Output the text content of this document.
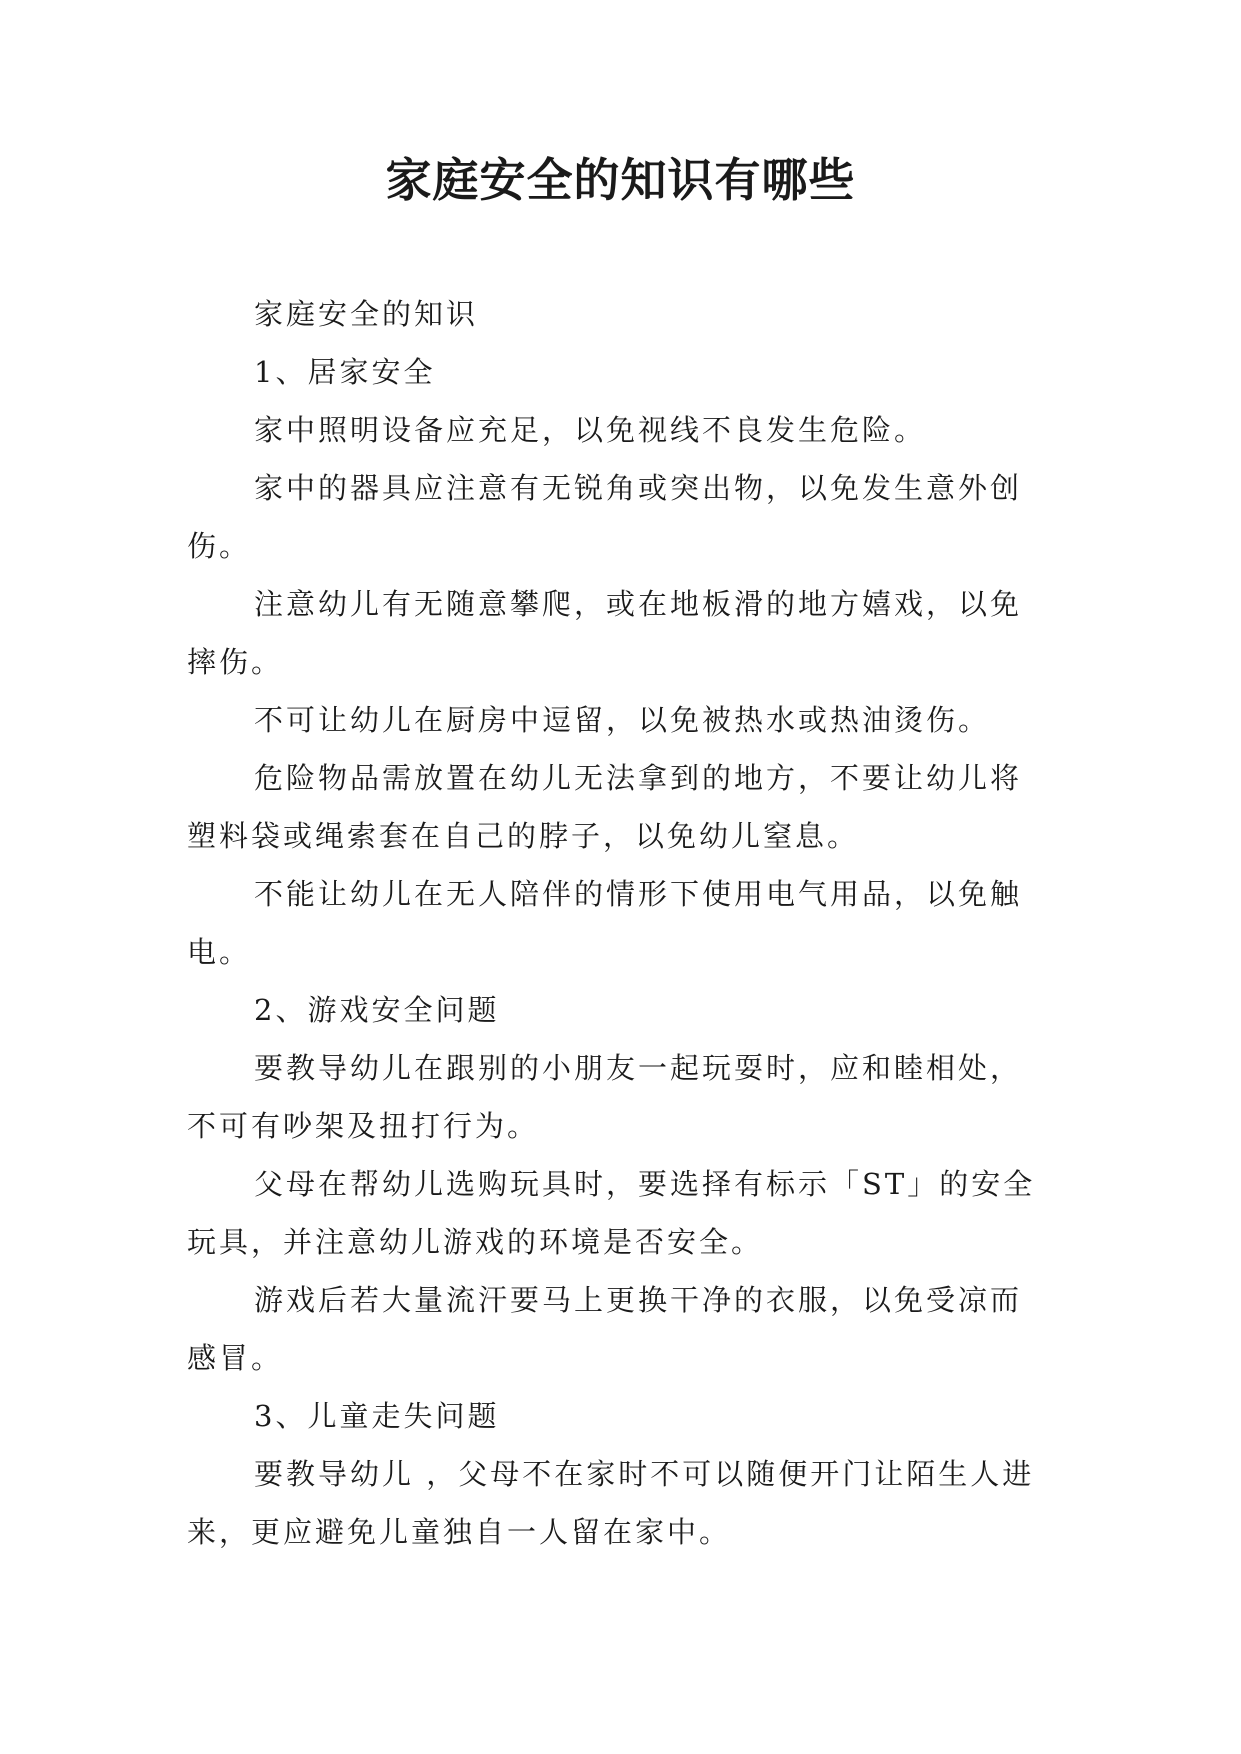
家庭安全的知识有哪些

家庭安全的知识

1、居家安全

家中照明设备应充足，以免视线不良发生危险。

家中的器具应注意有无锐角或突出物，以免发生意外创伤。

注意幼儿有无随意攀爬，或在地板滑的地方嬉戏，以免摔伤。

不可让幼儿在厨房中逗留，以免被热水或热油烫伤。

危险物品需放置在幼儿无法拿到的地方，不要让幼儿将塑料袋或绳索套在自己的脖子，以免幼儿窒息。

不能让幼儿在无人陪伴的情形下使用电气用品，以免触电。

2、游戏安全问题

要教导幼儿在跟别的小朋友一起玩耍时，应和睦相处，不可有吵架及扭打行为。

父母在帮幼儿选购玩具时，要选择有标示「ST」的安全玩具，并注意幼儿游戏的环境是否安全。

游戏后若大量流汗要马上更换干净的衣服，以免受凉而感冒。

3、儿童走失问题

要教导幼儿 ，父母不在家时不可以随便开门让陌生人进来，更应避免儿童独自一人留在家中。
